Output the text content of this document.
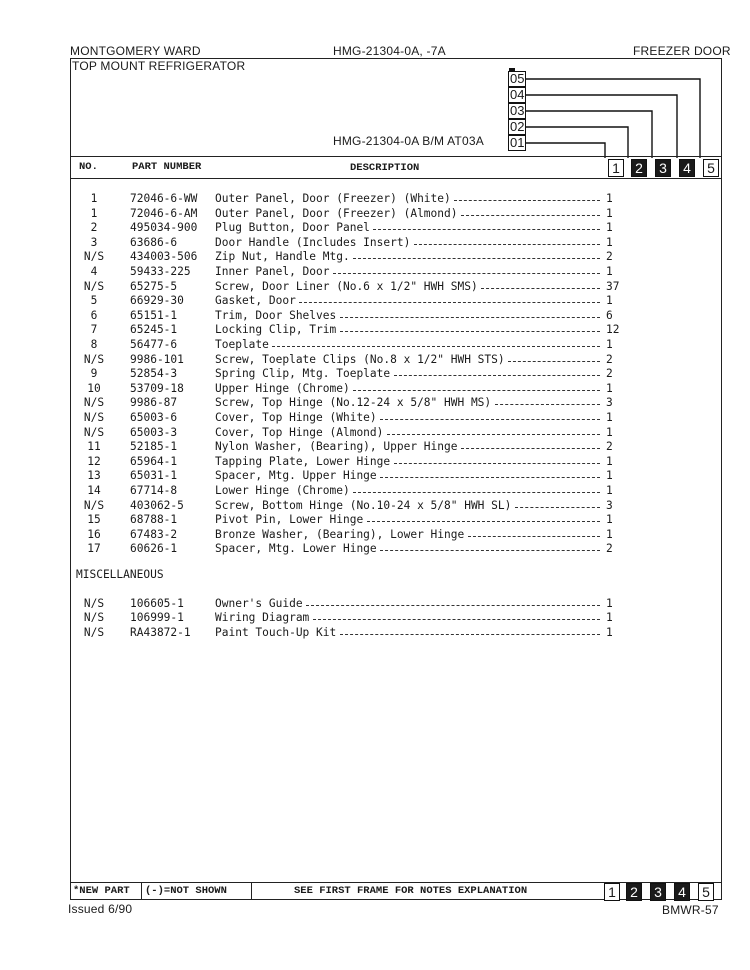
MONTGOMERY WARD	HMG-21304-0A, -7A	FREEZER DOOR
TOP MOUNT REFRIGERATOR
05
04
03
02
01
HMG-21304-0A B/M AT03A
NO.	PART NUMBER	DESCRIPTION	1 2 3 4 5
1	72046-6-WW Outer Panel, Door (Freezer) (White)	1
1	72046-6-AM Outer Panel, Door (Freezer) (Almond)	1
2	495034-900 Plug Button, Door Panel	1
3	63686-6	Door Handle (Includes Insert)	1
N/S	434003-506 Zip Nut, Handle Mtg.	2
4	59433-225 Inner Panel, Door	1
N/S	65275-5	Screw, Door Liner (No.6 x 1/2" HWH SMS)	37
5	66929-30	Gasket, Door	1
6	65151-1	Trim, Door Shelves	6
7	65245-1	Locking Clip, Trim	12
8	56477-6	Toeplate	1
N/S	9986-101	Screw, Toeplate Clips (No.8 x 1/2" HWH STS)	2
9	52854-3	Spring Clip, Mtg. Toeplate	2
10	53709-18	Upper Hinge (Chrome)	1
N/S	9986-87	Screw, Top Hinge (No.12-24 x 5/8" HWH MS)	3
N/S	65003-6	Cover, Top Hinge (White)	1
N/S	65003-3	Cover, Top Hinge (Almond)	1
11	52185-1	Nylon Washer, (Bearing), Upper Hinge	2
12	65964-1	Tapping Plate, Lower Hinge	1
13	65031-1	Spacer, Mtg. Upper Hinge	1
14	67714-8	Lower Hinge (Chrome)	1
N/S	403062-5	Screw, Bottom Hinge (No.10-24 x 5/8" HWH SL)	3
15	68788-1	Pivot Pin, Lower Hinge	1
16	67483-2	Bronze Washer, (Bearing), Lower Hinge	1
17	60626-1	Spacer, Mtg. Lower Hinge	2
MISCELLANEOUS
N/S	106605-1	Owner's Guide	1
N/S	106999-1	Wiring Diagram	1
N/S	RA43872-1 Paint Touch-Up Kit	1
*NEW PART	(-)=NOT SHOWN	SEE FIRST FRAME FOR NOTES EXPLANATION	1 2 3 4 5
Issued 6/90	BMWR-57
